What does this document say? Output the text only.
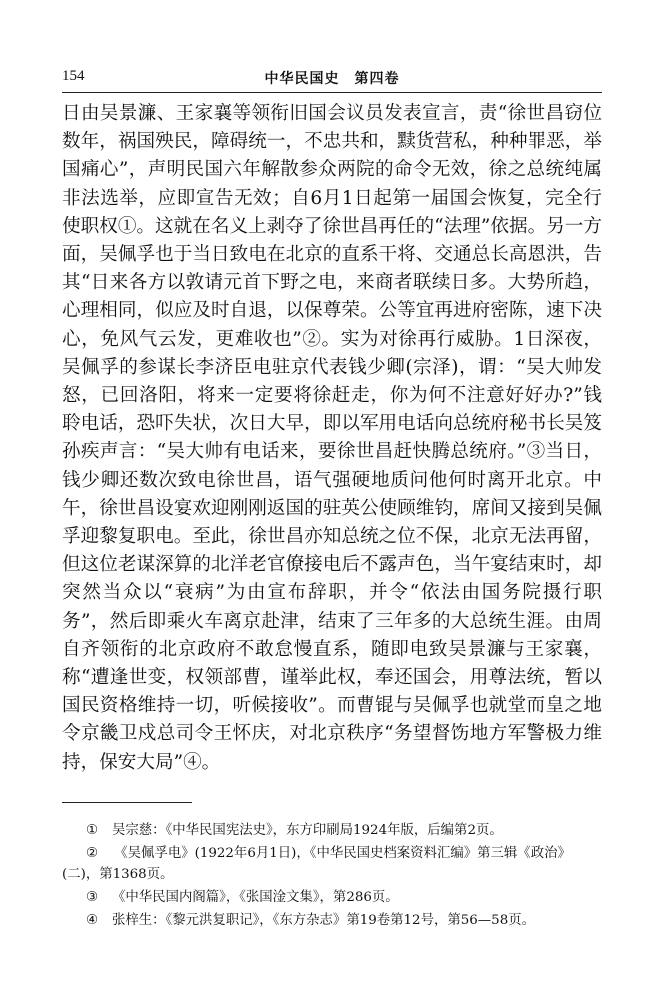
154	中华民国史　第四卷

日由吴景濂、王家襄等领衔旧国会议员发表宣言，责“徐世昌窃位数年，祸国殃民，障碍统一，不忠共和，黩货营私，种种罪恶，举国痛心”，声明民国六年解散参众两院的命令无效，徐之总统纯属非法选举，应即宣告无效；自6月1日起第一届国会恢复，完全行使职权①。这就在名义上剥夺了徐世昌再任的“法理”依据。另一方面，吴佩孚也于当日致电在北京的直系干将、交通总长高恩洪，告其“日来各方以敦请元首下野之电，来商者联续日多。大势所趋，心理相同，似应及时自退，以保尊荣。公等宜再进府密陈，速下决心，免风气云发，更难收也”②。实为对徐再行威胁。1日深夜，吴佩孚的参谋长李济臣电驻京代表钱少卿(宗泽)，谓：“吴大帅发怒，已回洛阳，将来一定要将徐赶走，你为何不注意好好办?”钱聆电话，恐吓失状，次日大早，即以军用电话向总统府秘书长吴笈孙疾声言：“吴大帅有电话来，要徐世昌赶快腾总统府。”③当日，钱少卿还数次致电徐世昌，语气强硬地质问他何时离开北京。中午，徐世昌设宴欢迎刚刚返国的驻英公使顾维钧，席间又接到吴佩孚迎黎复职电。至此，徐世昌亦知总统之位不保，北京无法再留，但这位老谋深算的北洋老官僚接电后不露声色，当午宴结束时，却突然当众以“衰病”为由宣布辞职，并令“依法由国务院摄行职务”，然后即乘火车离京赴津，结束了三年多的大总统生涯。由周自齐领衔的北京政府不敢怠慢直系，随即电致吴景濂与王家襄，称“遭逢世变，权领部曹，谨举此权，奉还国会，用尊法统，暂以国民资格维持一切，听候接收”。而曹锟与吴佩孚也就堂而皇之地令京畿卫戍总司令王怀庆，对北京秩序“务望督饬地方军警极力维持，保安大局”④。

① 吴宗慈：《中华民国宪法史》，东方印刷局1924年版，后编第2页。
② 《吴佩孚电》(1922年6月1日)，《中华民国史档案资料汇编》第三辑《政治》(二)，第1368页。
③ 《中华民国内阁篇》，《张国淦文集》，第286页。
④ 张梓生：《黎元洪复职记》，《东方杂志》第19卷第12号，第56—58页。
